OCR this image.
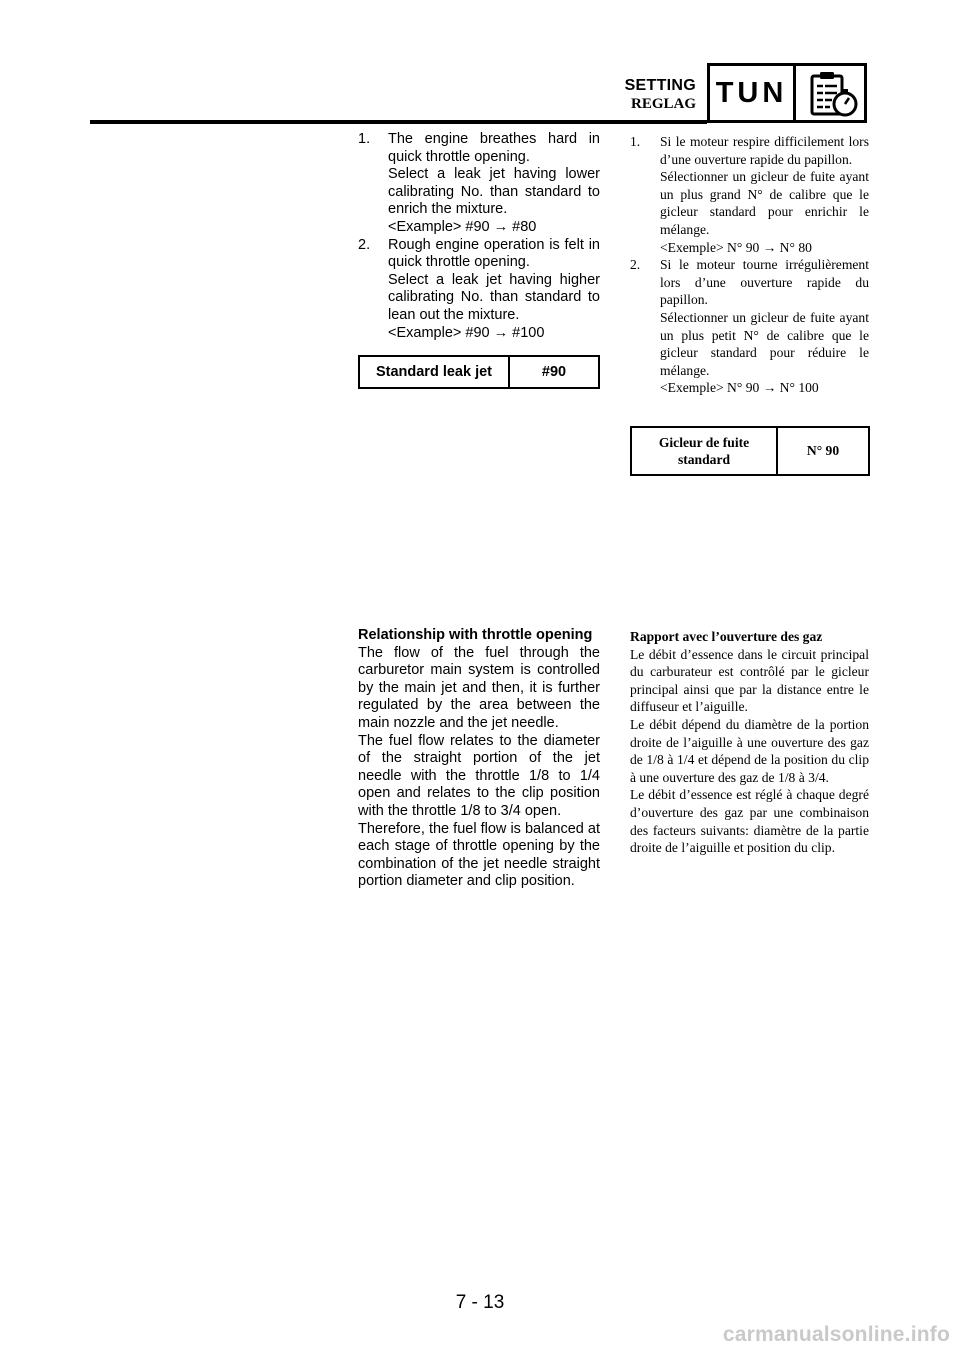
SETTING
REGLAG TUN
1. The engine breathes hard in quick throttle opening.

Select a leak jet having lower calibrating No. than standard to enrich the mixture.

<Example> #90 → #80

2. Rough engine operation is felt in quick throttle opening.

Select a leak jet having higher calibrating No. than standard to lean out the mixture.

<Example> #90 → #100

Standard leak jet	#90
1. Si le moteur respire difficilement lors d’une ouverture rapide du papillon.

Sélectionner un gicleur de fuite ayant un plus grand N° de calibre que le gicleur standard pour enrichir le mélange.

<Exemple> N° 90 → N° 80

2. Si le moteur tourne irrégulièrement lors d’une ouverture rapide du papillon.

Sélectionner un gicleur de fuite ayant un plus petit N° de calibre que le gicleur standard pour réduire le mélange.

<Exemple> N° 90 → N° 100

Gicleur de fuite
standard
	N° 90

Relationship with throttle opening

The flow of the fuel through the carburetor main system is controlled by the main jet and then, it is further regulated by the area between the main nozzle and the jet needle.

The fuel flow relates to the diameter of the straight portion of the jet needle with the throttle 1/8 to 1/4 open and relates to the clip position with the throttle 1/8 to 3/4 open.

Therefore, the fuel flow is balanced at each stage of throttle opening by the combination of the jet needle straight portion diameter and clip position.

Rapport avec l’ouverture des gaz

Le débit d’essence dans le circuit principal du carburateur est contrôlé par le gicleur principal ainsi que par la distance entre le diffuseur et l’aiguille.

Le débit dépend du diamètre de la portion droite de l’aiguille à une ouverture des gaz de 1/8 à 1/4 et dépend de la position du clip à une ouverture des gaz de 1/8 à 3/4.

Le débit d’essence est réglé à chaque degré d’ouverture des gaz par une combinaison des facteurs suivants: diamètre de la partie droite de l’aiguille et position du clip.

7 - 13
carmanualsonline.info
